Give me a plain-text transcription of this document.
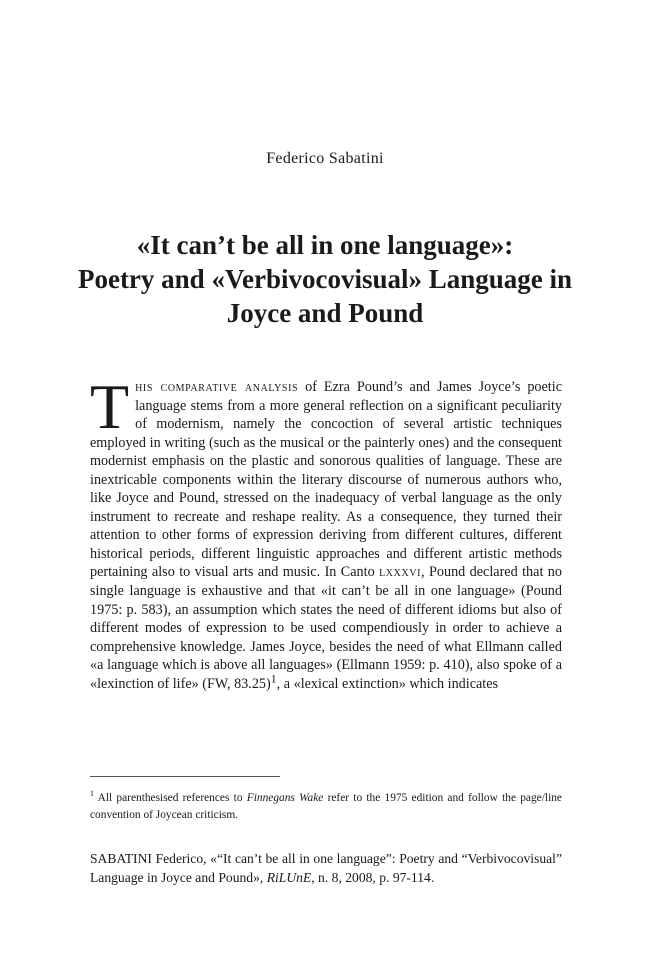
Federico Sabatini
«It can’t be all in one language»:
Poetry and «Verbivocovisual» Language in
Joyce and Pound
This comparative analysis of Ezra Pound’s and James Joyce’s poetic language stems from a more general reflection on a significant peculiarity of modernism, namely the concoction of several artistic techniques employed in writing (such as the musical or the painterly ones) and the consequent modernist emphasis on the plastic and sonorous qualities of language. These are inextricable components within the literary discourse of numerous authors who, like Joyce and Pound, stressed on the inadequacy of verbal language as the only instrument to recreate and reshape reality. As a consequence, they turned their attention to other forms of expression deriving from different cultures, different historical periods, different linguistic approaches and different artistic methods pertaining also to visual arts and music. In Canto lxxxvi, Pound declared that no single language is exhaustive and that «it can’t be all in one language» (Pound 1975: p. 583), an assumption which states the need of different idioms but also of different modes of expression to be used compendiously in order to achieve a comprehensive knowledge. James Joyce, besides the need of what Ellmann called «a language which is above all languages» (Ellmann 1959: p. 410), also spoke of a «lexinction of life» (FW, 83.25)$^1$, a «lexical extinction» which indicates
$^1$ All parenthesised references to Finnegans Wake refer to the 1975 edition and follow the page/line convention of Joycean criticism.
SABATINI Federico, «“It can’t be all in one language”: Poetry and “Verbivocovisual” Language in Joyce and Pound», RiLUnE, n. 8, 2008, p. 97-114.
